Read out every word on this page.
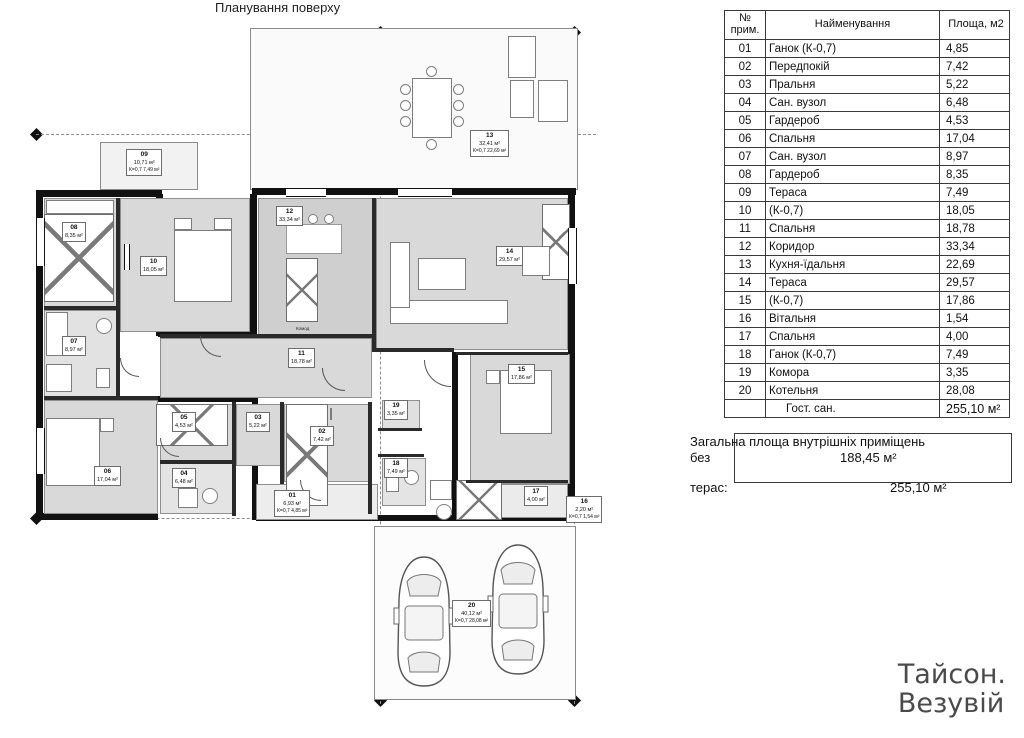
Планування поверху
13
32,41 м²
К=0,7 22,69 м²
09
10,71 м²
К=0,7 7,49 м²
Комод
08
8,35 м²
10
18,05 м²
07
8,97 м²
06
17,04 м²
05
4,53 м²
04
6,48 м²
03
5,22 м²
02
7,42 м²
01
6,93 м²
К=0,7 4,85 м²
11
18,78 м²
12
33,34 м²
14
29,57 м²
15
17,86 м²
19
3,35 м²
18
7,49 м²
17
4,00 м²	16
2,20 м²
К=0,7 1,54 м²
20
40,12 м²
К=0,7 28,08 м²
№
прим.	Найменування	Площа, м2
01	Ганок (К-0,7)	4,85
02	Передпокій	7,42
03	Пральня	5,22
04	Сан. вузол	6,48
05	Гардероб	4,53
06	Спальня	17,04
07	Сан. вузол	8,97
08	Гардероб	8,35
09	Тераса	7,49
10	(К-0,7)	18,05
11	Спальня	18,78
12	Коридор	33,34
13	Кухня-їдальня	22,69
14	Тераса	29,57
15	(К-0,7)	17,86
16	Вітальня	1,54
17	Спальня	4,00
18	Ганок (К-0,7)	7,49
19	Комора	3,35
20	Котельня	28,08
	Гост. сан.	255,10 м²
Загальна площа внутрішніх приміщень без	188,45 м²
терас:	255,10 м²
Тайсон.
Везувій
